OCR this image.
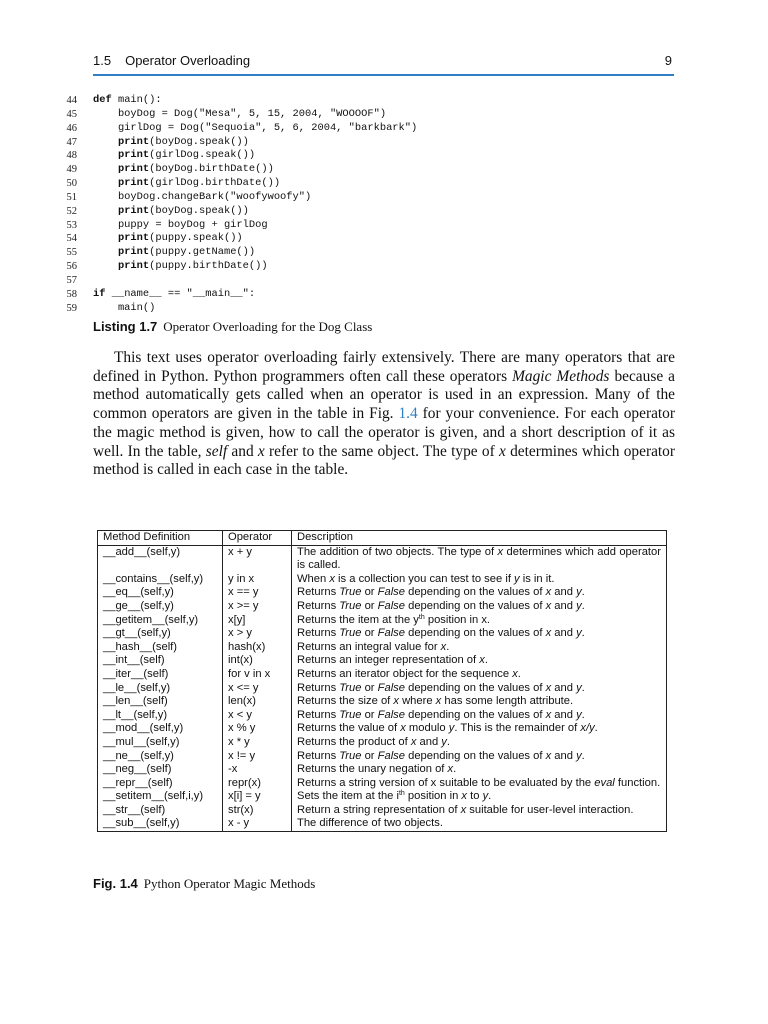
1.5 Operator Overloading	9
44 def main():
45 boyDog = Dog("Mesa", 5, 15, 2004, "WOOOOF")
46 girlDog = Dog("Sequoia", 5, 6, 2004, "barkbark")
47	print(boyDog.speak())
48	print(girlDog.speak())
49	print(boyDog.birthDate())
50	print(girlDog.birthDate())
51 boyDog.changeBark("woofywoofy")
52	print(boyDog.speak())
53 puppy = boyDog + girlDog
54	print(puppy.speak())
55	print(puppy.getName())
56	print(puppy.birthDate())
57
58 if __name__ == "__main__":
59 main()
Listing 1.7 Operator Overloading for the Dog Class
This text uses operator overloading fairly extensively. There are many operators that are defined in Python. Python programmers often call these operators Magic Methods because a method automatically gets called when an operator is used in an expression. Many of the common operators are given in the table in Fig. 1.4 for your convenience. For each operator the magic method is given, how to call the operator is given, and a short description of it as well. In the table, self and x refer to the same object. The type of x determines which operator method is called in each case in the table.
Method Definition	Operator	Description
__add__(self,y)	x + y	The addition of two objects. The type of x determines which add operator is called.
__contains__(self,y)	y in x	When x is a collection you can test to see if y is in it.
__eq__(self,y)	x == y	Returns True or False depending on the values of x and y.
__ge__(self,y)	x >= y	Returns True or False depending on the values of x and y.
__getitem__(self,y)	x[y]	Returns the item at the $y^{th}$ position in x.
__gt__(self,y)	x > y	Returns True or False depending on the values of x and y.
__hash__(self)	hash(x)	Returns an integral value for x.
__int__(self)	int(x)	Returns an integer representation of x.
__iter__(self)	for v in x	Returns an iterator object for the sequence x.
__le__(self,y)	x <= y	Returns True or False depending on the values of x and y.
__len__(self)	len(x)	Returns the size of x where x has some length attribute.
__lt__(self,y)	x < y	Returns True or False depending on the values of x and y.
__mod__(self,y)	x % y	Returns the value of x modulo y. This is the remainder of x/y.
__mul__(self,y)	x * y	Returns the product of x and y.
__ne__(self,y)	x != y	Returns True or False depending on the values of x and y.
__neg__(self)	-x	Returns the unary negation of x.
__repr__(self)	repr(x)	Returns a string version of x suitable to be evaluated by the eval function.
__setitem__(self,i,y)	x[i] = y	Sets the item at the $i^{th}$ position in x to y.
__str__(self)	str(x)	Return a string representation of x suitable for user-level interaction.
__sub__(self,y)	x - y	The difference of two objects.
Fig. 1.4 Python Operator Magic Methods
